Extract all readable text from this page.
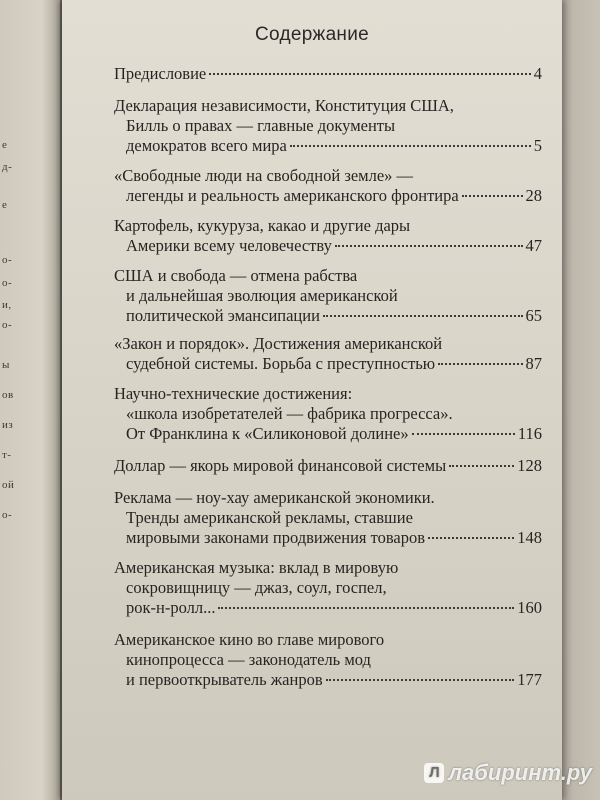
е
д-
е
о-
о-
и,
о-
ы
ов
из
т-
ой
о-
Содержание
Предисловие	4
Декларация независимости, Конституция США,
Билль о правах — главные документы
демократов всего мира	5
«Свободные люди на свободной земле» —
легенды и реальность американского фронтира	28
Картофель, кукуруза, какао и другие дары
Америки всему человечеству	47
США и свобода — отмена рабства
и дальнейшая эволюция американской
политической эмансипации	65
«Закон и порядок». Достижения американской
судебной системы. Борьба с преступностью	87
Научно-технические достижения:
«школа изобретателей — фабрика прогресса».
От Франклина к «Силиконовой долине»	116
Доллар — якорь мировой финансовой системы	128
Реклама — ноу-хау американской экономики.
Тренды американской рекламы, ставшие
мировыми законами продвижения товаров	148
Американская музыка: вклад в мировую
сокровищницу — джаз, соул, госпел,
рок-н-ролл...	160
Американское кино во главе мирового
кинопроцесса — законодатель мод
и первооткрыватель жанров	177
Л лабиринт.ру
